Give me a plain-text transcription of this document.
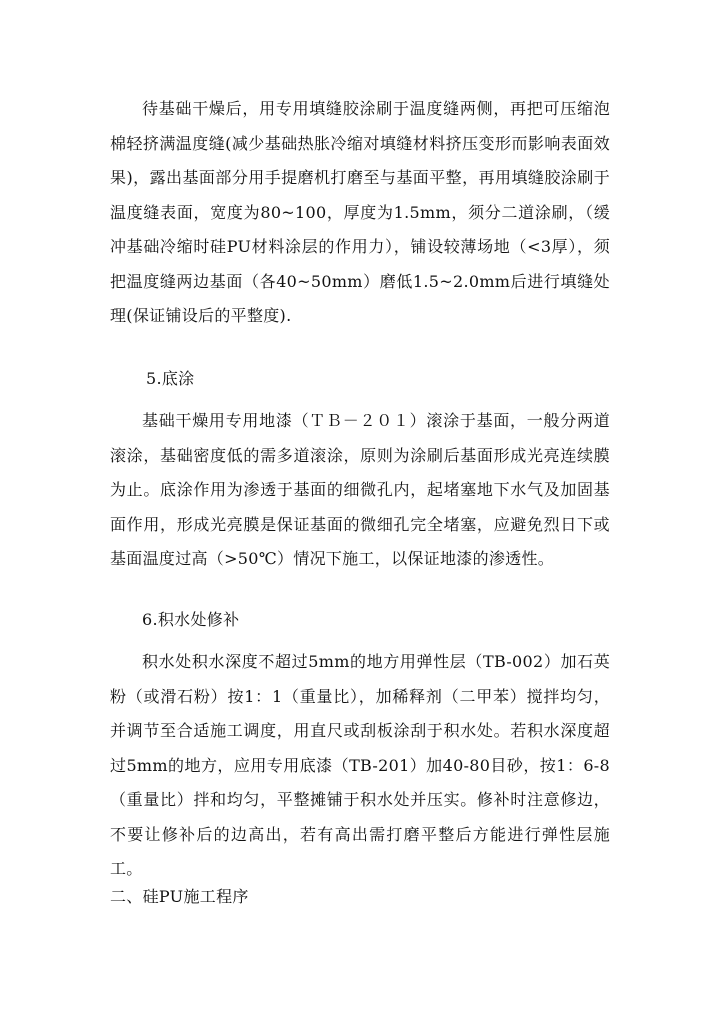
待基础干燥后，用专用填缝胶涂刷于温度缝两侧，再把可压缩泡棉轻挤满温度缝(减少基础热胀冷缩对填缝材料挤压变形而影响表面效果)，露出基面部分用手提磨机打磨至与基面平整，再用填缝胶涂刷于温度缝表面，宽度为80~100，厚度为1.5mm，须分二道涂刷，（缓冲基础冷缩时硅PU材料涂层的作用力），铺设较薄场地（<3厚），须把温度缝两边基面（各40~50mm）磨低1.5~2.0mm后进行填缝处理(保证铺设后的平整度).

5.底涂

基础干燥用专用地漆（ＴＢ－２０１）滚涂于基面，一般分两道滚涂，基础密度低的需多道滚涂，原则为涂刷后基面形成光亮连续膜为止。底涂作用为渗透于基面的细微孔内，起堵塞地下水气及加固基面作用，形成光亮膜是保证基面的微细孔完全堵塞，应避免烈日下或基面温度过高（>50℃）情况下施工，以保证地漆的渗透性。

6.积水处修补

积水处积水深度不超过5mm的地方用弹性层（TB-002）加石英粉（或滑石粉）按1：1（重量比），加稀释剂（二甲苯）搅拌均匀，并调节至合适施工调度，用直尺或刮板涂刮于积水处。若积水深度超过5mm的地方，应用专用底漆（TB-201）加40-80目砂，按1：6-8（重量比）拌和均匀，平整摊铺于积水处并压实。修补时注意修边，不要让修补后的边高出，若有高出需打磨平整后方能进行弹性层施工。

二、硅PU施工程序
